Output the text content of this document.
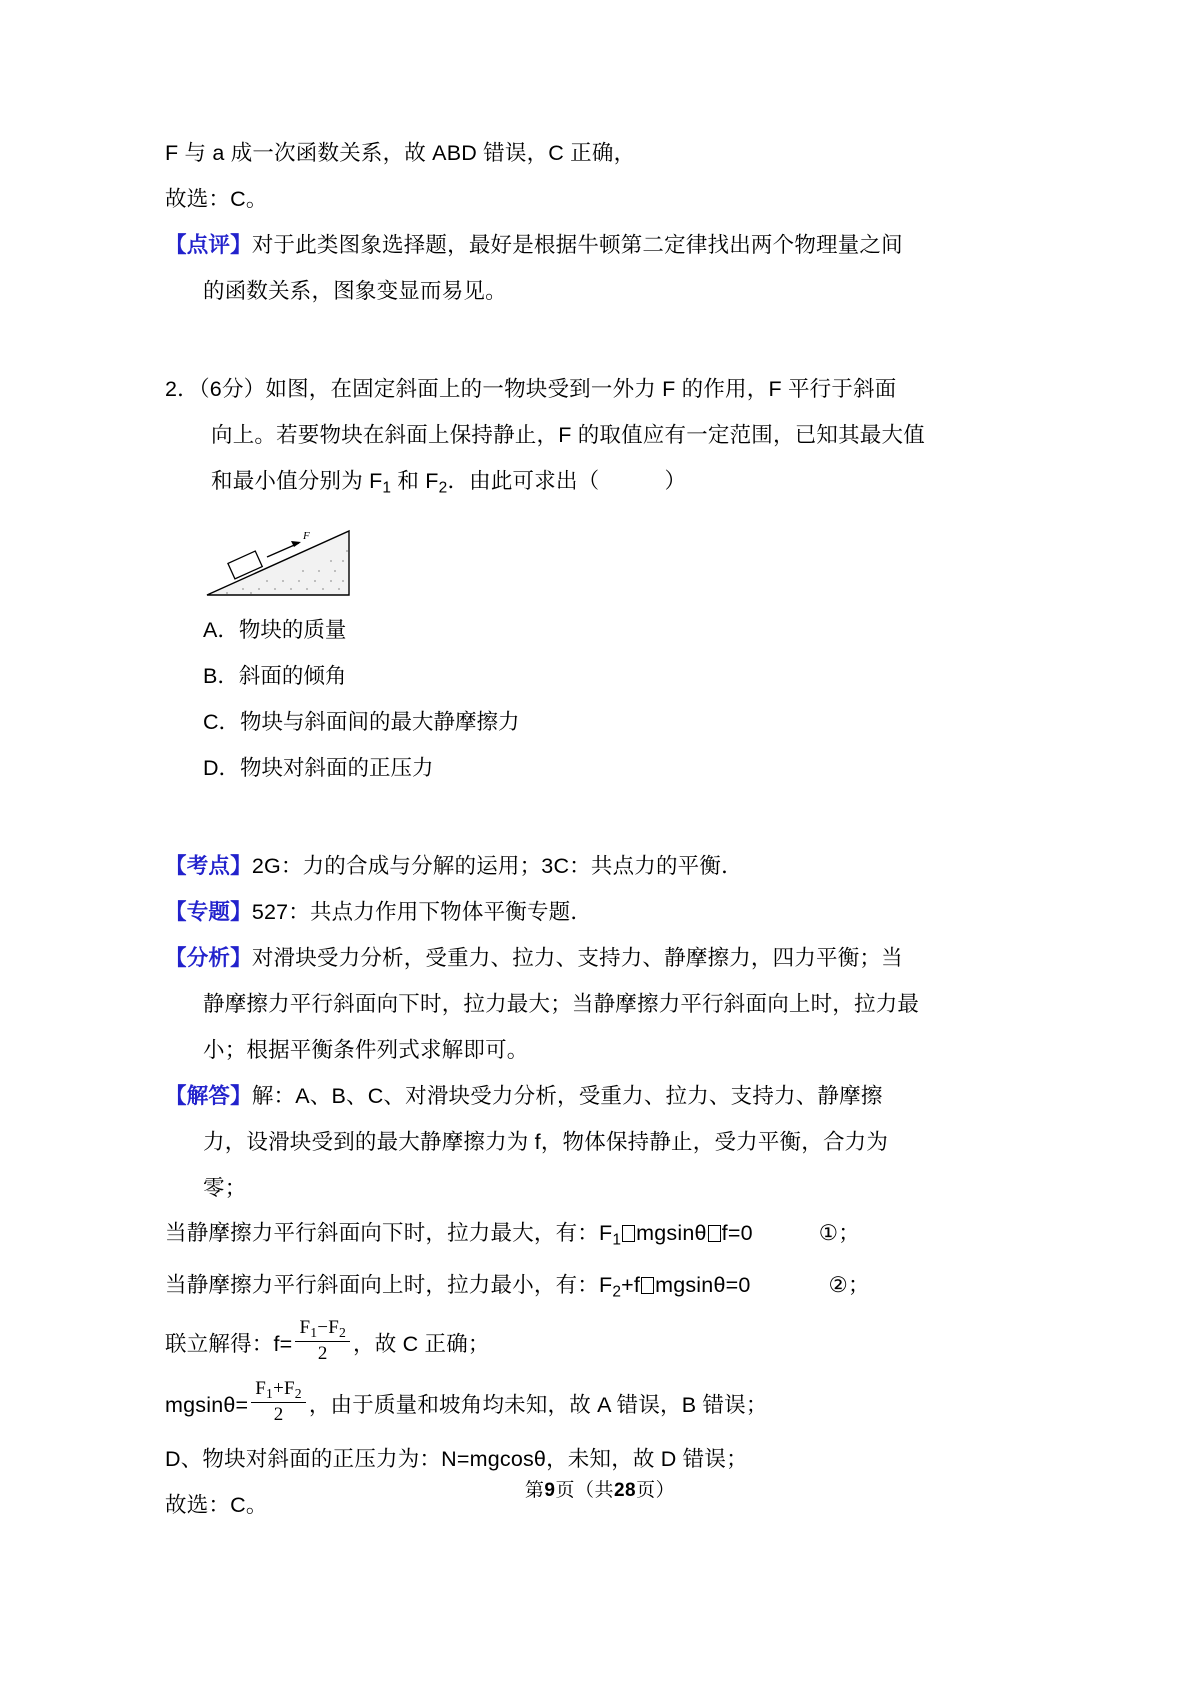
F 与 a 成一次函数关系，故 ABD 错误，C 正确，
故选：C。
【点评】对于此类图象选择题，最好是根据牛顿第二定律找出两个物理量之间
的函数关系，图象变显而易见。
2．（6分）如图，在固定斜面上的一物块受到一外力 F 的作用，F 平行于斜面
向上。若要物块在斜面上保持静止，F 的取值应有一定范围，已知其最大值
和最小值分别为 $F_1$ 和 $F_2$．由此可求出（　　　）
F
A．物块的质量
B．斜面的倾角
C．物块与斜面间的最大静摩擦力
D．物块对斜面的正压力
【考点】2G：力的合成与分解的运用；3C：共点力的平衡．
【专题】527：共点力作用下物体平衡专题．
【分析】对滑块受力分析，受重力、拉力、支持力、静摩擦力，四力平衡；当
静摩擦力平行斜面向下时，拉力最大；当静摩擦力平行斜面向上时，拉力最
小；根据平衡条件列式求解即可。
【解答】解：A、B、C、对滑块受力分析，受重力、拉力、支持力、静摩擦
力，设滑块受到的最大静摩擦力为 f，物体保持静止，受力平衡，合力为
零；
当静摩擦力平行斜面向下时，拉力最大，有：$F_1$ mgsinθ f=0	①；
当静摩擦力平行斜面向上时，拉力最小，有：$F_2+f$ mgsinθ=0	②；
联立解得：$f= \frac{F_1-F_2}{2}$ ，故 C 正确；
$mgsin\theta= \frac{F_1+F_2}{2}$ ，由于质量和坡角均未知，故 A 错误，B 错误；
D、物块对斜面的正压力为：N=mgcosθ，未知，故 D 错误；
故选：C。
第9页（共28页）
